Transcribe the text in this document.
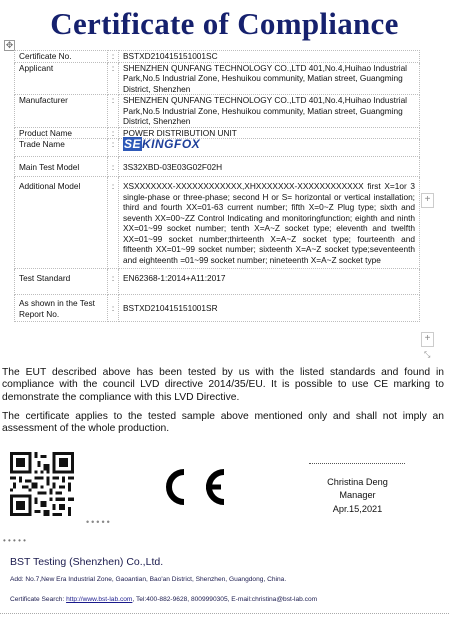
Certificate of Compliance
✥
Certificate No.	:	BSTXD210415151001SC
Applicant	:	SHENZHEN QUNFANG TECHNOLOGY CO.,LTD 401,No.4,Huihao Industrial Park,No.5 Industrial Zone, Heshuikou community, Matian street, Guangming District, Shenzhen
Manufacturer	:	SHENZHEN QUNFANG TECHNOLOGY CO.,LTD 401,No.4,Huihao Industrial Park,No.5 Industrial Zone, Heshuikou community, Matian street, Guangming District, Shenzhen
Product Name	:	POWER DISTRIBUTION UNIT
Trade Name	:	SEKINGFOX
Main Test Model	:	3S32XBD-03E03G02F02H
Additional Model	:	XSXXXXXXX-XXXXXXXXXXXX,XHXXXXXXX-XXXXXXXXXXXX first X=1or 3 single-phase or three-phase; second H or S= horizontal or vertical installation; third and fourth XX=01-63 current number; fifth X=0~Z Plug type; sixth and seventh XX=00~ZZ Control Indicating and monitoringfunction; eighth and ninth XX=01~99 socket number; tenth X=A~Z socket type; eleventh and twelfth XX=01~99 socket number;thirteenth X=A~Z socket type; fourteenth and fifteenth XX=01~99 socket number; sixteenth X=A~Z socket type;seventeenth and eighteenth =01~99 socket number; nineteenth X=A~Z socket type
Test Standard	:	EN62368-1:2014+A11:2017
As shown in the Test Report No.	:	BSTXD210415151001SR
+
+
⤡
The EUT described above has been tested by us with the listed standards and found in compliance with the council LVD directive 2014/35/EU. It is possible to use CE marking to demonstrate the compliance with this LVD Directive.
The certificate applies to the tested sample above mentioned only and shall not imply an assessment of the whole production.
•••••
Christina Deng
Manager
Apr.15,2021
• • • • •
BST Testing (Shenzhen) Co.,Ltd.
Add: No.7,New Era Industrial Zone, Gaoantian, Bao'an District, Shenzhen, Guangdong, China.
Certificate Search: http://www.bst-lab.com, Tel:400-882-9628, 8009990305, E-mail:christina@bst-lab.com
